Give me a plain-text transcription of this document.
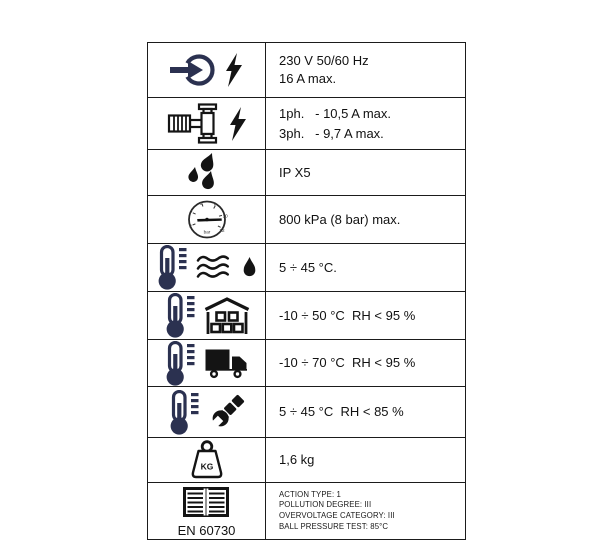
230 V 50/60 Hz
16 A max.
1ph.   - 10,5 A max.
3ph.   - 9,7 A max.
IP X5
2
4
6	8
10
12
bar
800 kPa (8 bar) max.
5 ÷ 45 °C.
-10 ÷ 50 °C  RH < 95 %
-10 ÷ 70 °C  RH < 95 %
5 ÷ 45 °C  RH < 85 %
KG	1,6 kg
EN 60730
ACTION TYPE: 1
POLLUTION DEGREE: III
OVERVOLTAGE CATEGORY: III
BALL PRESSURE TEST: 85°C
